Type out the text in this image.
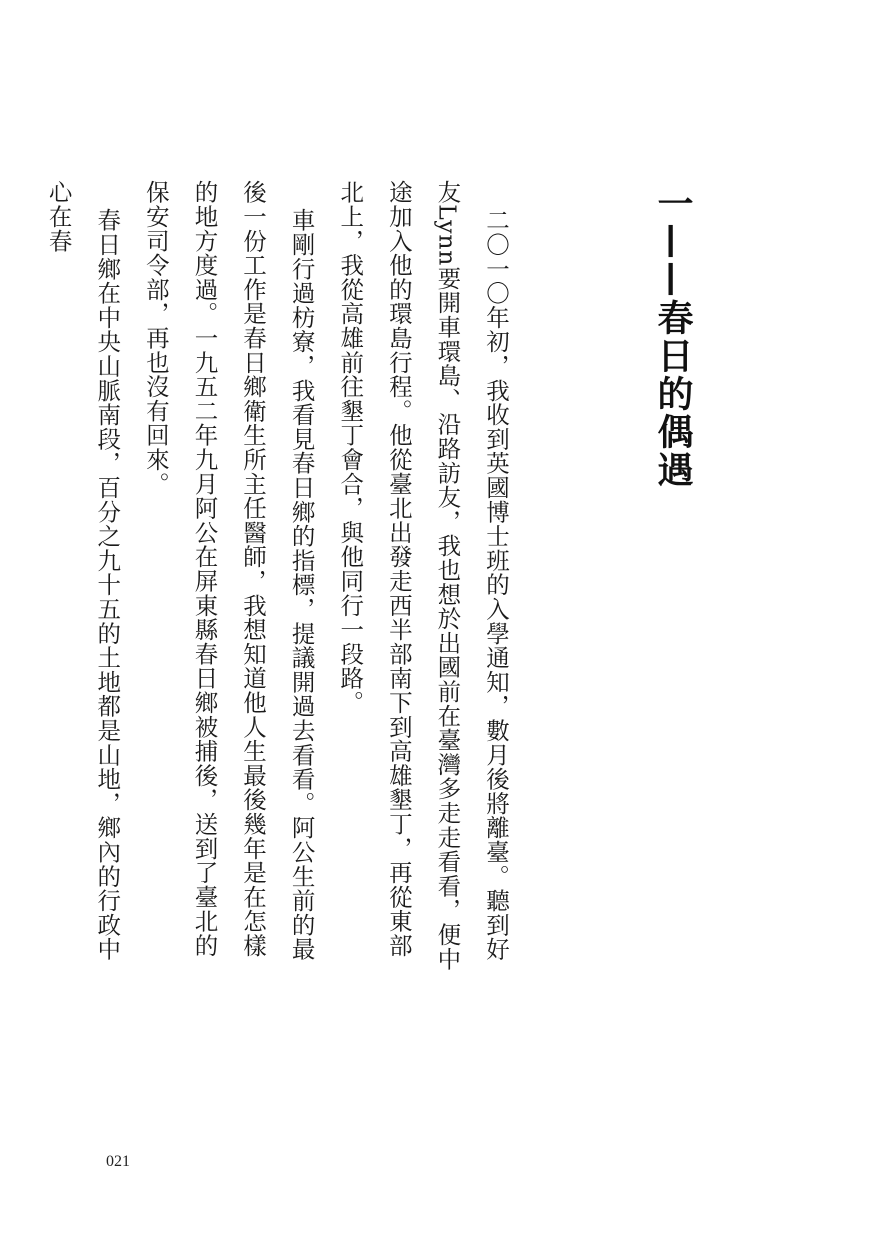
一——春日的偶遇

二〇一〇年初，我收到英國博士班的入學通知，數月後將離臺。聽到好友Lynn要開車環島、沿路訪友，我也想於出國前在臺灣多走走看看，便中途加入他的環島行程。他從臺北出發走西半部南下到高雄墾丁，再從東部北上，我從高雄前往墾丁會合，與他同行一段路。

車剛行過枋寮，我看見春日鄉的指標，提議開過去看看。阿公生前的最後一份工作是春日鄉衛生所主任醫師，我想知道他人生最後幾年是在怎樣的地方度過。一九五二年九月阿公在屏東縣春日鄉被捕後，送到了臺北的保安司令部，再也沒有回來。

春日鄉在中央山脈南段，百分之九十五的土地都是山地，鄉內的行政中心在春

021
